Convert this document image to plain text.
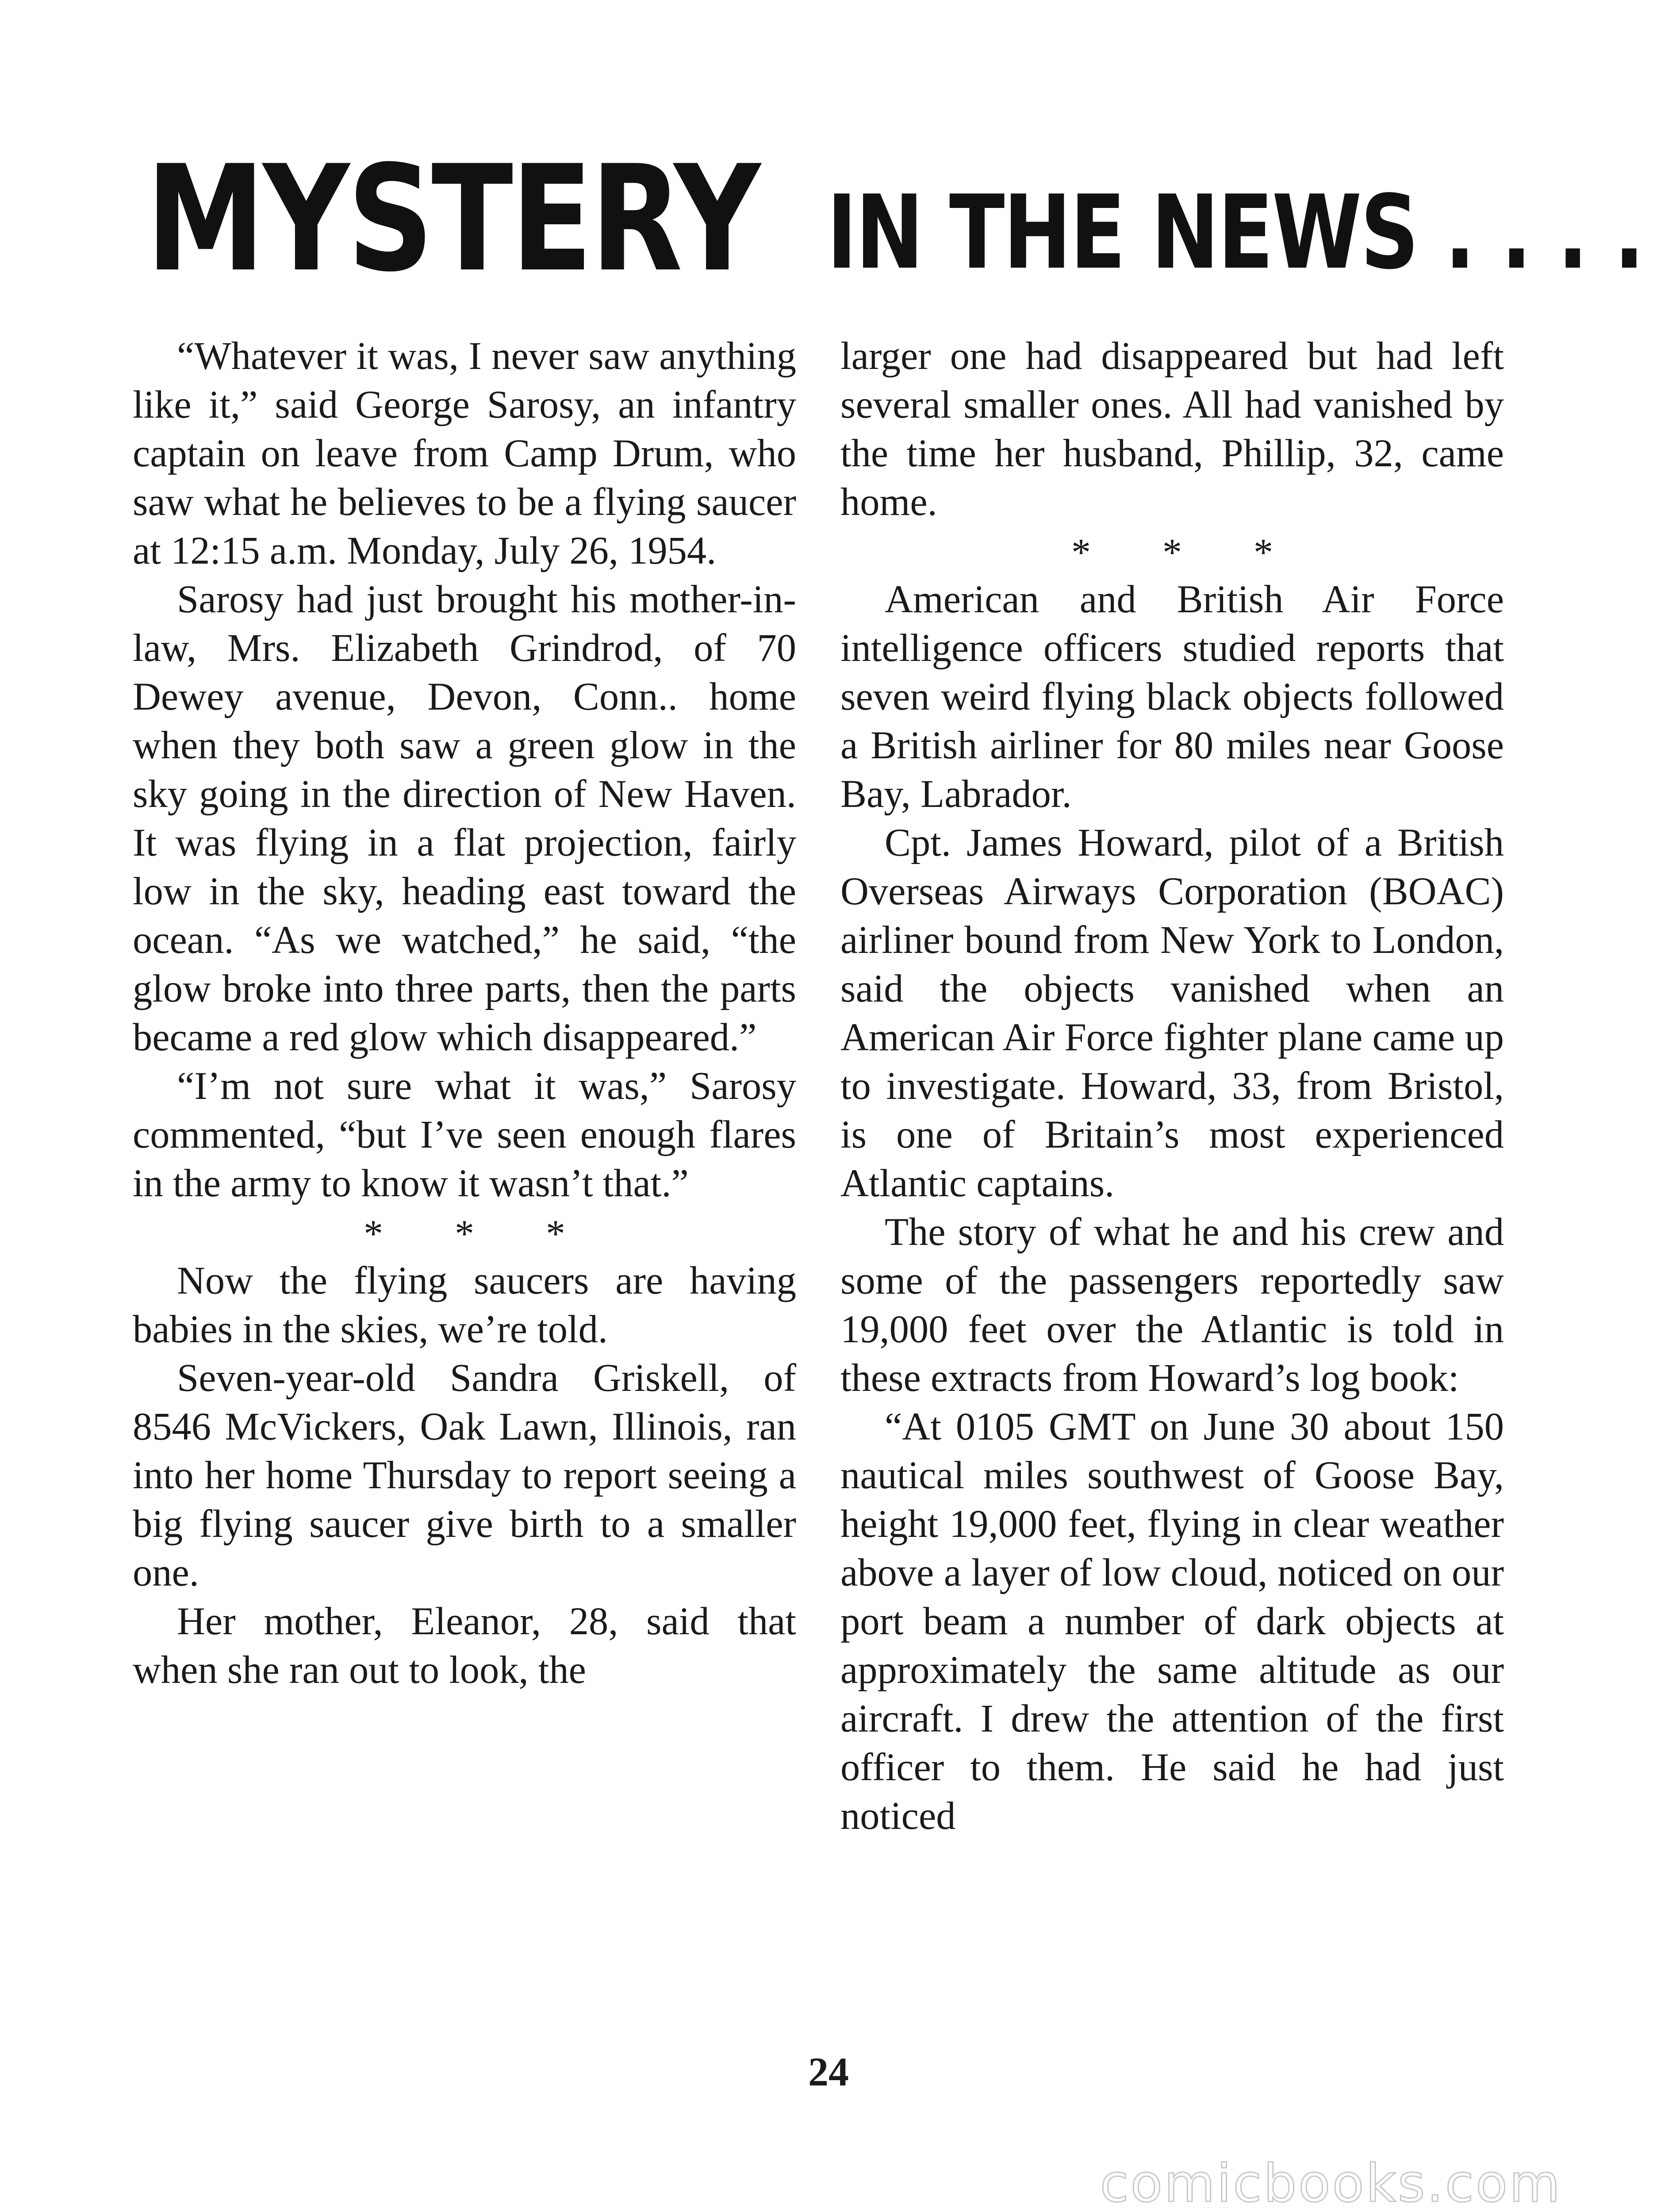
MYSTERY IN THE NEWS . . . .

“Whatever it was, I never saw anything like it,” said George Sarosy, an infantry captain on leave from Camp Drum, who saw what he believes to be a flying saucer at 12:15 a.m. Monday, July 26, 1954.

Sarosy had just brought his mother-in-law, Mrs. Elizabeth Grindrod, of 70 Dewey avenue, Devon, Conn.. home when they both saw a green glow in the sky going in the direction of New Haven. It was flying in a flat projection, fairly low in the sky, heading east toward the ocean. “As we watched,” he said, “the glow broke into three parts, then the parts became a red glow which disappeared.”

“I’m not sure what it was,” Sarosy commented, “but I’ve seen enough flares in the army to know it wasn’t that.”

* * *

Now the flying saucers are having babies in the skies, we’re told.

Seven-year-old Sandra Griskell, of 8546 McVickers, Oak Lawn, Illinois, ran into her home Thursday to report seeing a big flying saucer give birth to a smaller one.

Her mother, Eleanor, 28, said that when she ran out to look, the

larger one had disappeared but had left several smaller ones. All had vanished by the time her husband, Phillip, 32, came home.

* * *

American and British Air Force intelligence officers studied reports that seven weird flying black objects followed a British airliner for 80 miles near Goose Bay, Labrador.

Cpt. James Howard, pilot of a British Overseas Airways Corporation (BOAC) airliner bound from New York to London, said the objects vanished when an American Air Force fighter plane came up to investigate. Howard, 33, from Bristol, is one of Britain’s most experienced Atlantic captains.

The story of what he and his crew and some of the passengers reportedly saw 19,000 feet over the Atlantic is told in these extracts from Howard’s log book:

“At 0105 GMT on June 30 about 150 nautical miles southwest of Goose Bay, height 19,000 feet, flying in clear weather above a layer of low cloud, noticed on our port beam a number of dark objects at approximately the same altitude as our aircraft. I drew the attention of the first officer to them. He said he had just noticed

24
comicbooks.com
